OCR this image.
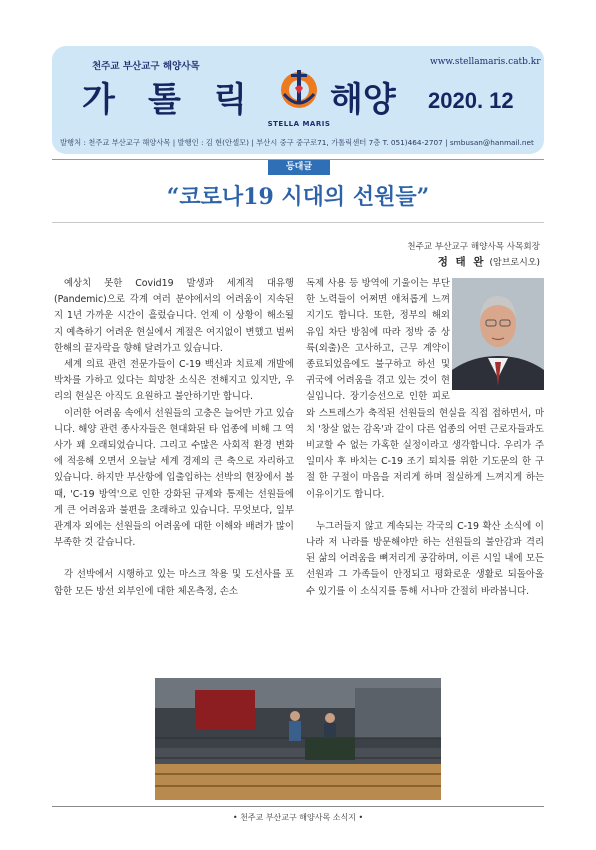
천주교 부산교구 해양사목	www.stellamaris.catb.kr
가 톨 릭 해양
STELLA MARIS
2020. 12
발행처 : 천주교 부산교구 해양사목 | 발행인 : 김 현(안셀모) | 부산시 중구 중구로71, 가톨릭센터 7층 T. 051)464-2707 | smbusan@hanmail.net
등대글
“코로나19 시대의 선원들”
천주교 부산교구 해양사목 사목회장
정 태 완 (암브로시오)

예상치 못한 Covid19 발생과 세계적 대유행(Pandemic)으로 각계 여러 분야에서의 어려움이 지속된 지 1년 가까운 시간이 흘렀습니다. 언제 이 상황이 해소될지 예측하기 어려운 현실에서 계절은 여지없이 변했고 벌써 한해의 끝자락을 향해 달려가고 있습니다.

세계 의료 관련 전문가들이 C-19 백신과 치료제 개발에 박차를 가하고 있다는 희망찬 소식은 전해지고 있지만, 우리의 현실은 아직도 요원하고 불안하기만 합니다.

이러한 어려움 속에서 선원들의 고충은 늘어만 가고 있습니다. 해양 관련 종사자들은 현대화된 타 업종에 비해 그 역사가 꽤 오래되었습니다. 그리고 수많은 사회적 환경 변화에 적응해 오면서 오늘날 세계 경제의 큰 축으로 자리하고 있습니다. 하지만 부산항에 입출입하는 선박의 현장에서 볼 때, 'C-19 방역'으로 인한 강화된 규제와 통제는 선원들에게 큰 어려움과 불편을 초래하고 있습니다. 무엇보다, 일부 관계자 외에는 선원들의 어려움에 대한 이해와 배려가 많이 부족한 것 같습니다.

각 선박에서 시행하고 있는 마스크 착용 및 도선사를 포함한 모든 방선 외부인에 대한 체온측정, 손소

• 천주교 부산교구 해양사목 소식지 •

독제 사용 등 방역에 기울이는 부단한 노력들이 어쩌면 애처롭게 느껴지기도 합니다. 또한, 정부의 해외유입 차단 방침에 따라 정박 중 상륙(외출)은 고사하고, 근무 계약이 종료되었음에도 불구하고 하선 및 귀국에 어려움을 겪고 있는 것이 현실입니다. 장기승선으로 인한 피로와 스트레스가 축적된 선원들의 현실을 직접 접하면서, 마치 '창살 없는 감옥'과 같이 다른 업종의 어떤 근로자들과도 비교할 수 없는 가혹한 실정이라고 생각합니다. 우리가 주일미사 후 바치는 C-19 조기 퇴치를 위한 기도문의 한 구절 한 구절이 마음을 저리게 하며 절실하게 느껴지게 하는 이유이기도 합니다.

누그러들지 않고 계속되는 각국의 C-19 확산 소식에 이 나라 저 나라를 방문해야만 하는 선원들의 불안감과 격리된 삶의 어려움을 뼈저리게 공감하며, 이른 시일 내에 모든 선원과 그 가족들이 안정되고 평화로운 생활로 되돌아올 수 있기를 이 소식지를 통해 서나마 간절히 바라봅니다.
